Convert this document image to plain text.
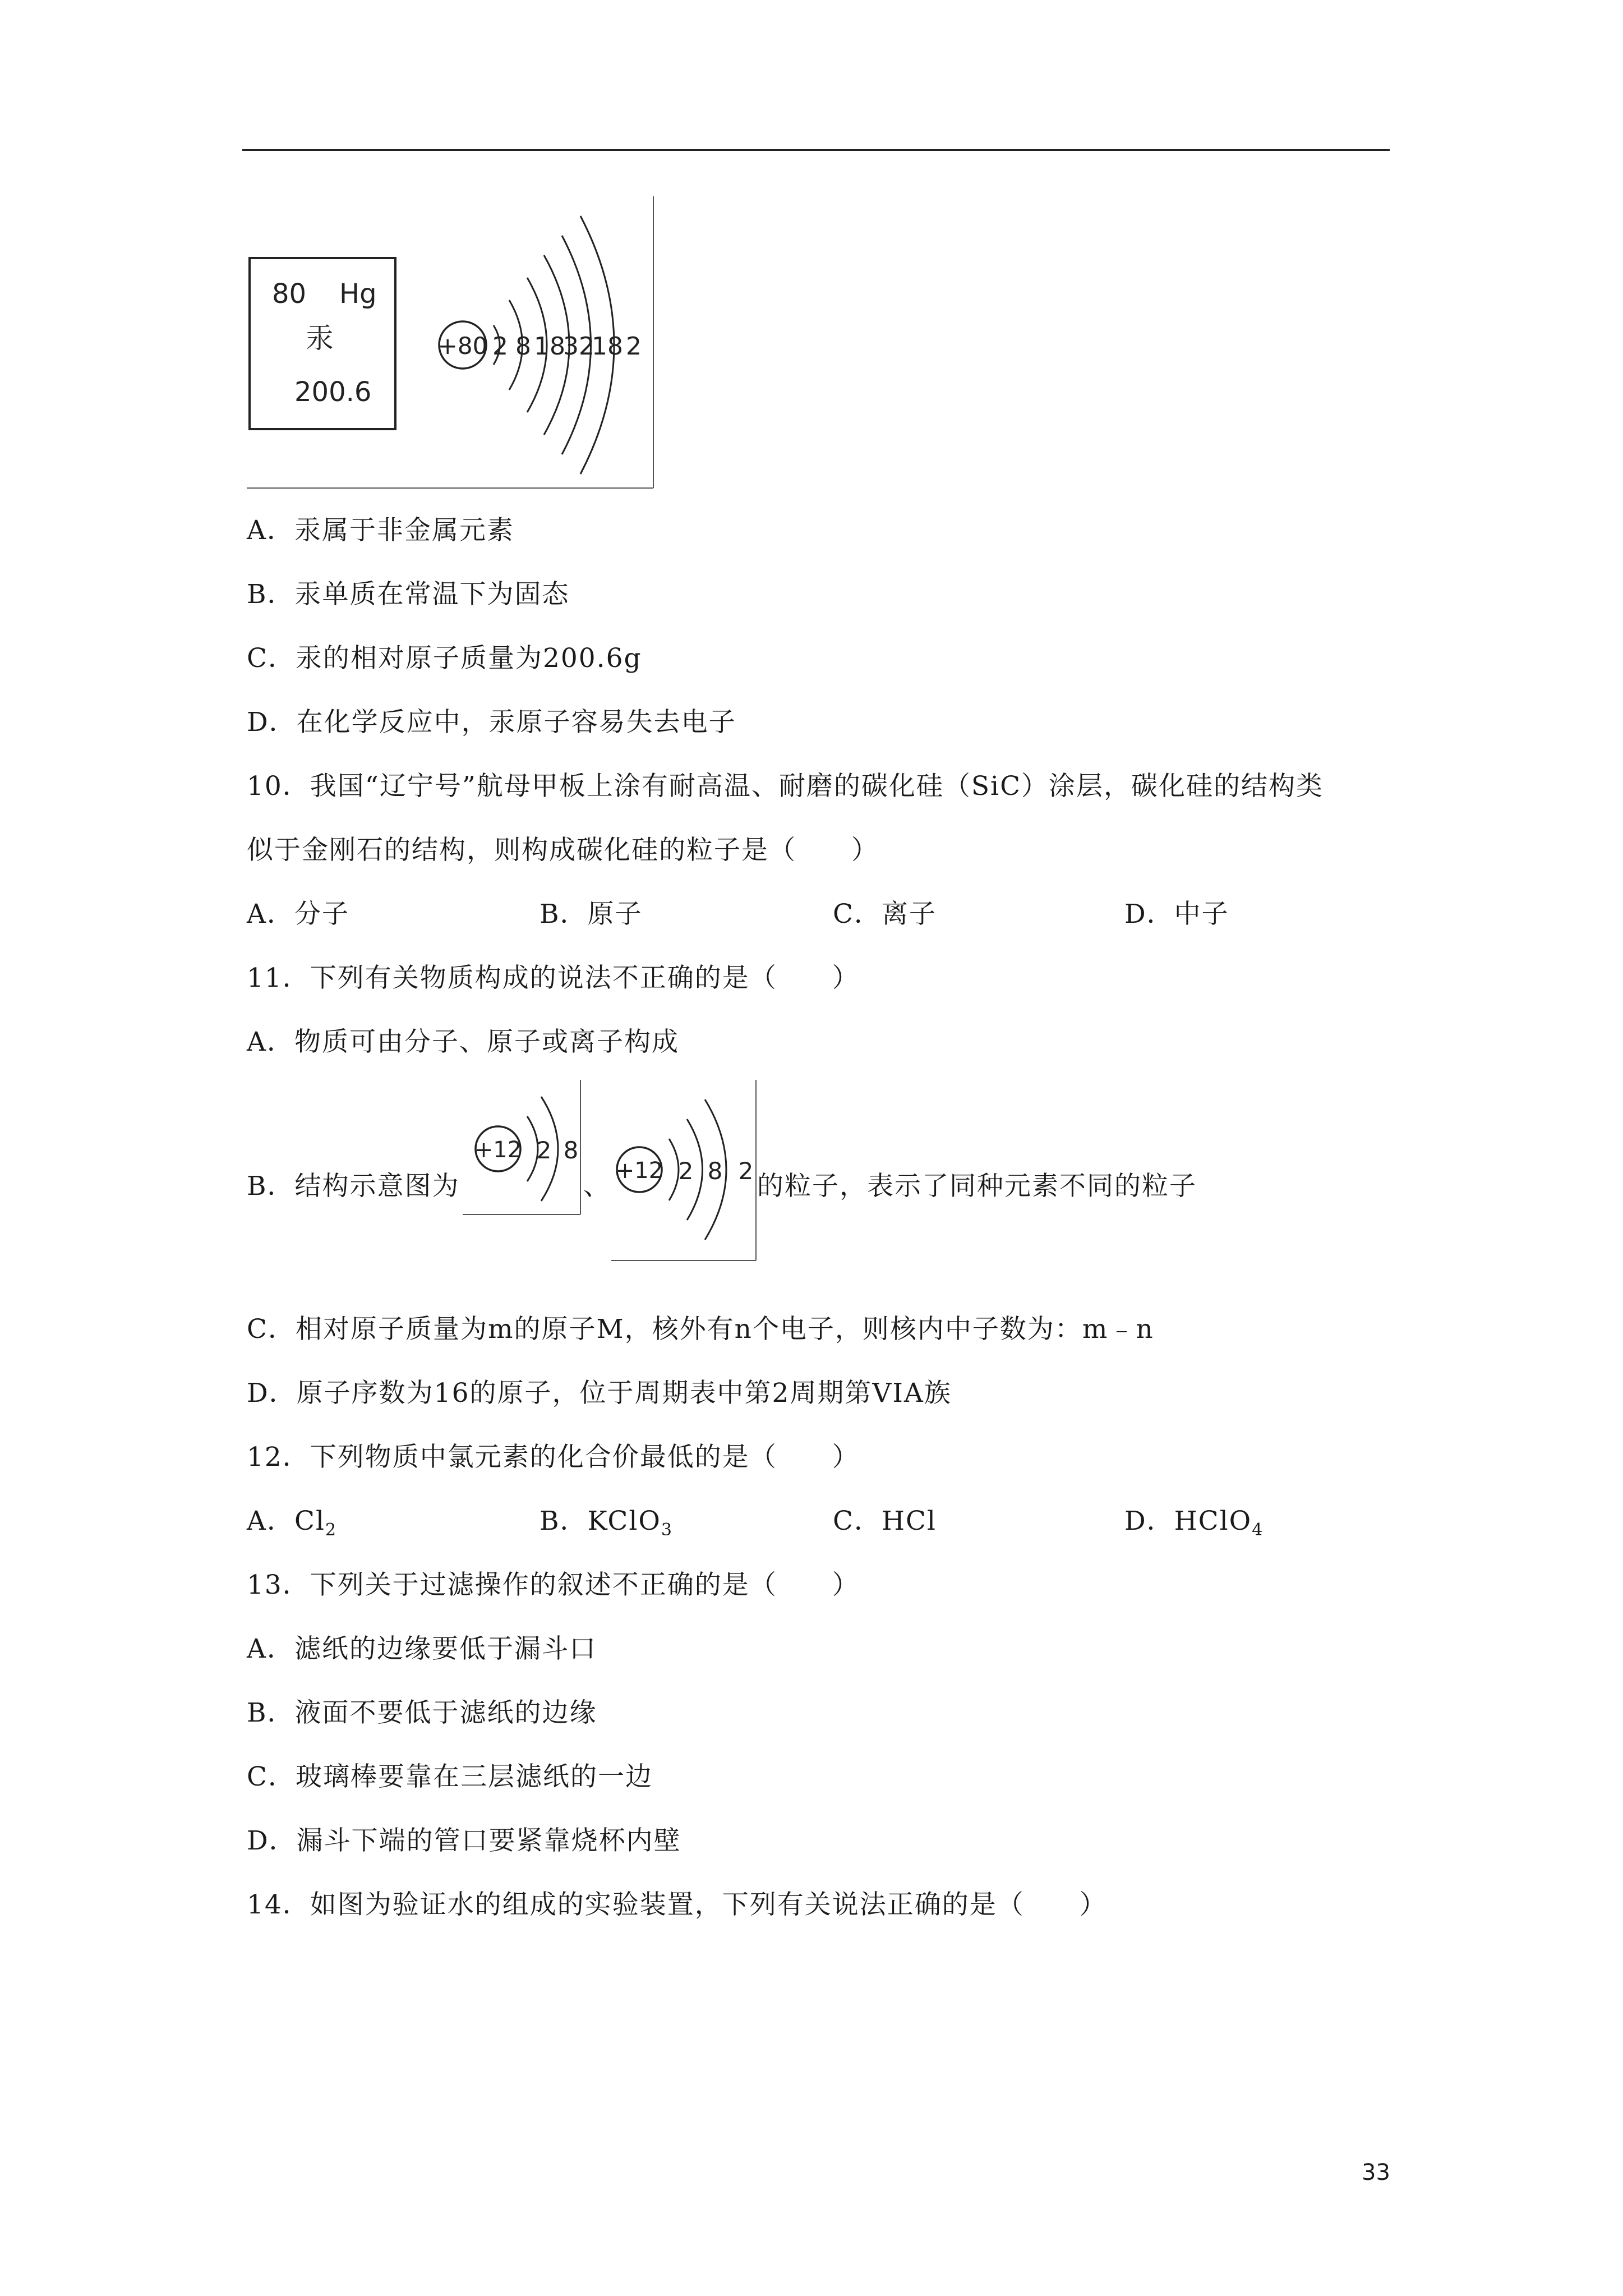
80 Hg
汞
200.6
+80 2 8 18
32
18 2
A．汞属于非金属元素
B．汞单质在常温下为固态
C．汞的相对原子质量为200.6g
D．在化学反应中，汞原子容易失去电子
10．我国“辽宁号”航母甲板上涂有耐高温、耐磨的碳化硅（SiC）涂层，碳化硅的结构类
似于金刚石的结构，则构成碳化硅的粒子是（　　）
A．分子	B．原子	C．离子	D．中子
11．下列有关物质构成的说法不正确的是（　　）
A．物质可由分子、原子或离子构成
B．结构示意图为
+12 2 8
、 +12 2 8 2 的粒子，表示了同种元素不同的粒子
C．相对原子质量为m的原子M，核外有n个电子，则核内中子数为：m﹣n
D．原子序数为16的原子，位于周期表中第2周期第VIA族
12．下列物质中氯元素的化合价最低的是（　　）
A．$Cl_2$	B．KClO$_3$	C．HCl	D．HClO$_4$
13．下列关于过滤操作的叙述不正确的是（　　）
A．滤纸的边缘要低于漏斗口
B．液面不要低于滤纸的边缘
C．玻璃棒要靠在三层滤纸的一边
D．漏斗下端的管口要紧靠烧杯内壁
14．如图为验证水的组成的实验装置，下列有关说法正确的是（　　）
33
